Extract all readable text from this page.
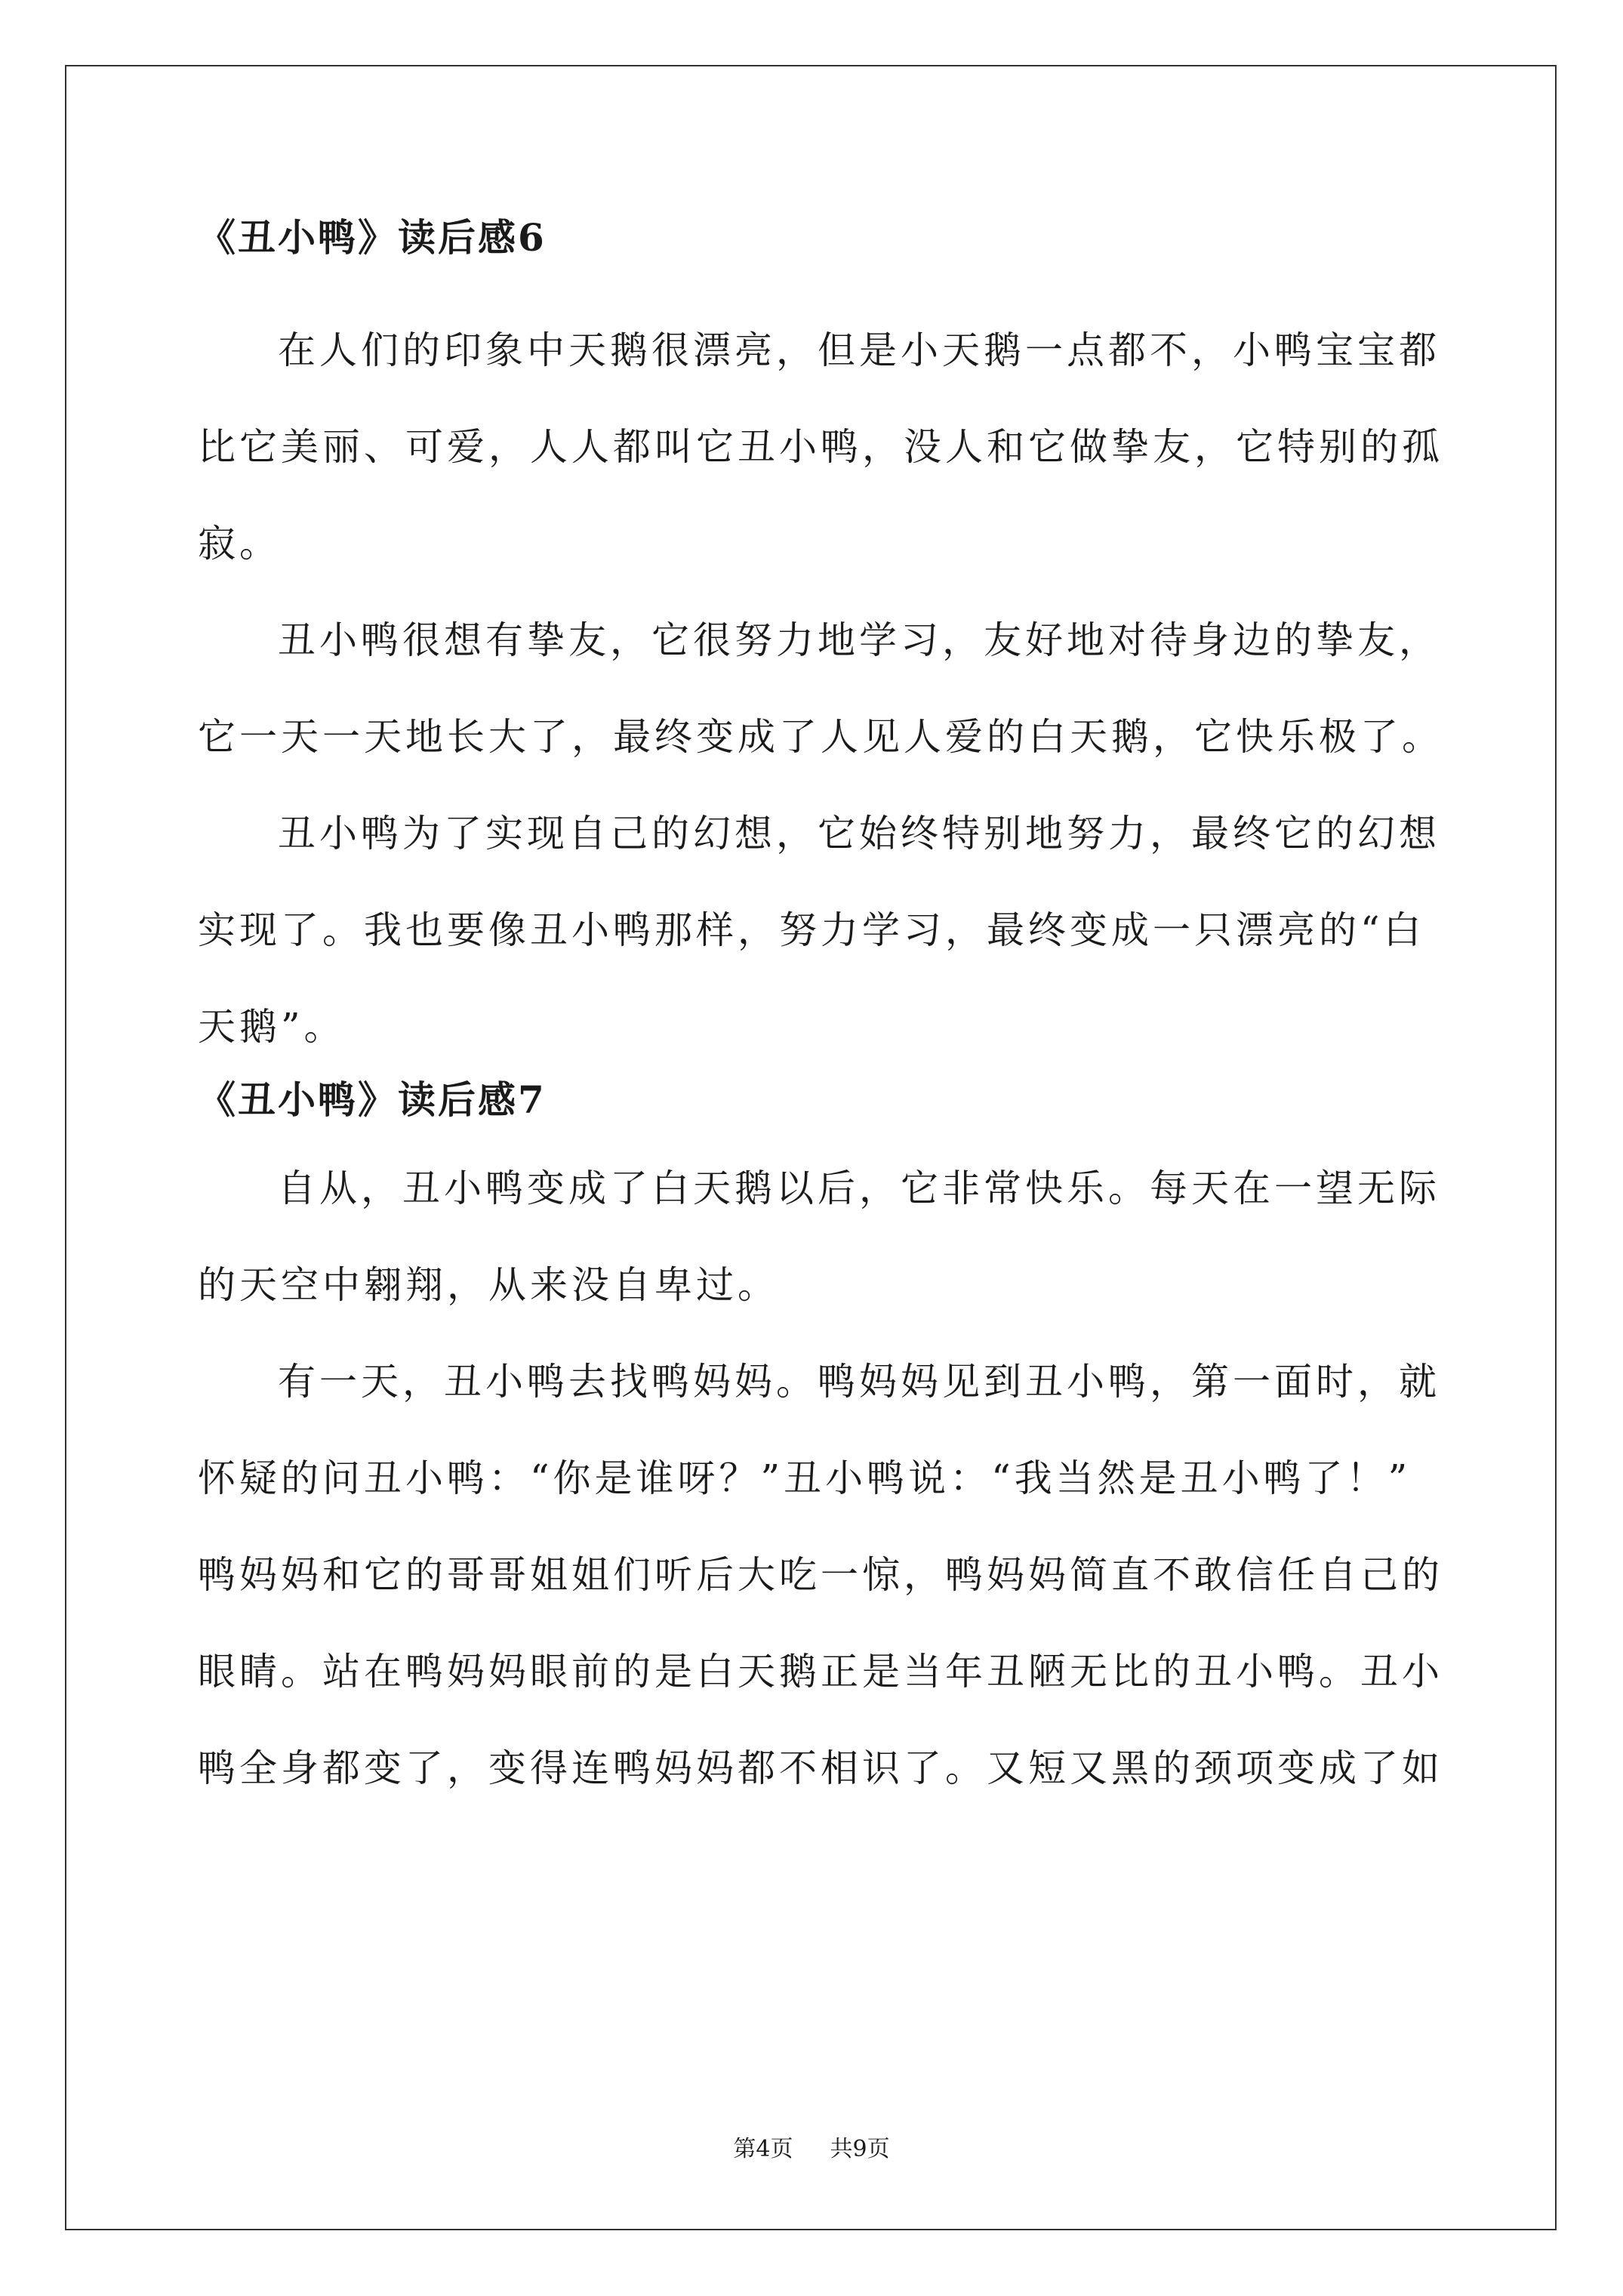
《丑小鸭》读后感6

在人们的印象中天鹅很漂亮，但是小天鹅一点都不，小鸭宝宝都
比它美丽、可爱，人人都叫它丑小鸭，没人和它做挚友，它特别的孤
寂。

丑小鸭很想有挚友，它很努力地学习，友好地对待身边的挚友，
它一天一天地长大了，最终变成了人见人爱的白天鹅，它快乐极了。

丑小鸭为了实现自己的幻想，它始终特别地努力，最终它的幻想
实现了。我也要像丑小鸭那样，努力学习，最终变成一只漂亮的“白
天鹅”。

《丑小鸭》读后感7

自从，丑小鸭变成了白天鹅以后，它非常快乐。每天在一望无际
的天空中翱翔，从来没自卑过。

有一天，丑小鸭去找鸭妈妈。鸭妈妈见到丑小鸭，第一面时，就
怀疑的问丑小鸭：“你是谁呀？”丑小鸭说：“我当然是丑小鸭了！”
鸭妈妈和它的哥哥姐姐们听后大吃一惊，鸭妈妈简直不敢信任自己的
眼睛。站在鸭妈妈眼前的是白天鹅正是当年丑陋无比的丑小鸭。丑小
鸭全身都变了，变得连鸭妈妈都不相识了。又短又黑的颈项变成了如

第4页 共9页
